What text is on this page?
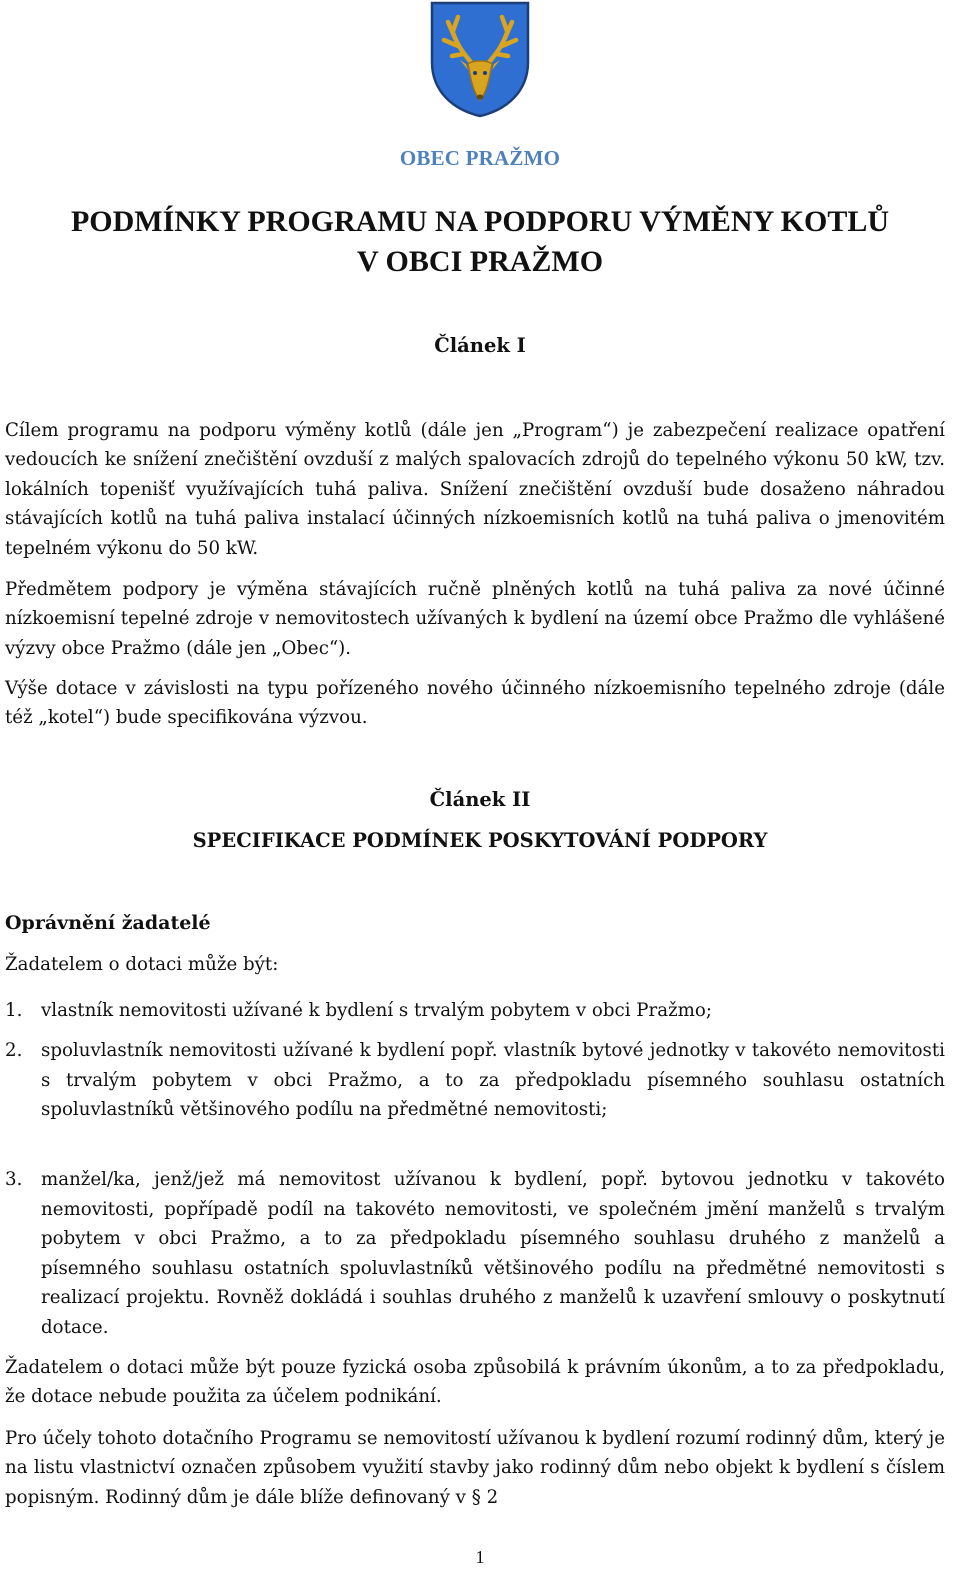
OBEC PRAŽMO
PODMÍNKY PROGRAMU NA PODPORU VÝMĚNY KOTLŮ
V OBCI PRAŽMO
Článek I

Cílem programu na podporu výměny kotlů (dále jen „Program“) je zabezpečení realizace opatření vedoucích ke snížení znečištění ovzduší z malých spalovacích zdrojů do tepelného výkonu 50 kW, tzv. lokálních topenišť využívajících tuhá paliva. Snížení znečištění ovzduší bude dosaženo náhradou stávajících kotlů na tuhá paliva instalací účinných nízkoemisních kotlů na tuhá paliva o jmenovitém tepelném výkonu do 50 kW.

Předmětem podpory je výměna stávajících ručně plněných kotlů na tuhá paliva za nové účinné nízkoemisní tepelné zdroje v nemovitostech užívaných k bydlení na území obce Pražmo dle vyhlášené výzvy obce Pražmo (dále jen „Obec“).

Výše dotace v závislosti na typu pořízeného nového účinného nízkoemisního tepelného zdroje (dále též „kotel“) bude specifikována výzvou.

Článek II
SPECIFIKACE PODMÍNEK POSKYTOVÁNÍ PODPORY
Oprávnění žadatelé
Žadatelem o dotaci může být:
1.	vlastník nemovitosti užívané k bydlení s trvalým pobytem v obci Pražmo;
2.	spoluvlastník nemovitosti užívané k bydlení popř. vlastník bytové jednotky v takovéto nemovitosti s trvalým pobytem v obci Pražmo, a to za předpokladu písemného souhlasu ostatních spoluvlastníků většinového podílu na předmětné nemovitosti;
3.	manžel/ka, jenž/jež má nemovitost užívanou k bydlení, popř. bytovou jednotku v takovéto nemovitosti, popřípadě podíl na takovéto nemovitosti, ve společném jmění manželů s trvalým pobytem v obci Pražmo, a to za předpokladu písemného souhlasu druhého z manželů a písemného souhlasu ostatních spoluvlastníků většinového podílu na předmětné nemovitosti s realizací projektu. Rovněž dokládá i souhlas druhého z manželů k uzavření smlouvy o poskytnutí dotace.

Žadatelem o dotaci může být pouze fyzická osoba způsobilá k právním úkonům, a to za předpokladu, že dotace nebude použita za účelem podnikání.

Pro účely tohoto dotačního Programu se nemovitostí užívanou k bydlení rozumí rodinný dům, který je na listu vlastnictví označen způsobem využití stavby jako rodinný dům nebo objekt k bydlení s číslem popisným. Rodinný dům je dále blíže definovaný v § 2

1
